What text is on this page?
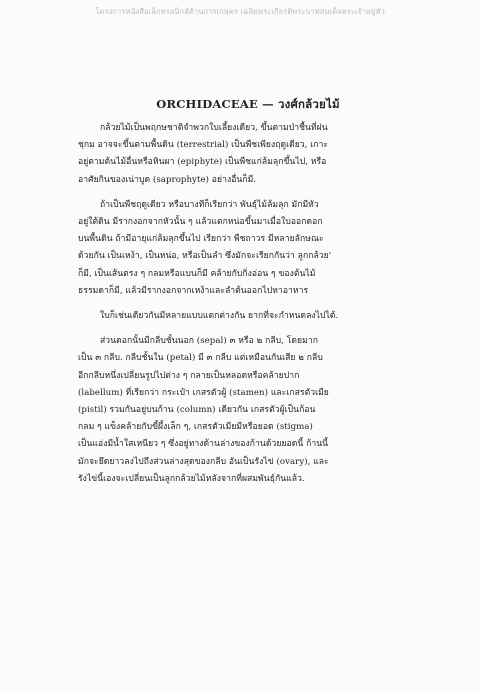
โครงการหนังสือเล็กทรอนิกส์ด้านการเกษตร เฉลิมพระเกียรติพระบาทสมเด็จพระเจ้าอยู่หัว
ORCHIDACEAE — วงศ์กล้วยไม้
กล้วยไม้เป็นพฤกษชาติจำพวกใบเลี้ยงเดียว, ขึ้นตามป่าชื้นที่ฝน
ชุกม อาจจะขึ้นตามพื้นดิน (terrestrial) เป็นพืชเพียงฤดูเดียว, เกาะ
อยู่ตามต้นไม้อื่นหรือหินผา (epiphyte) เป็นพืชแก่ล้มลุกขึ้นไป, หรือ
อาศัยกินของเน่าบูด (saprophyte) อย่างอื่นก็มี.
ถ้าเป็นพืชฤดูเดียว หรือบางทีก็เรียกว่า พันธุ์ไม้ล้มลุก มักมีหัว
อยู่ใต้ดิน มีรากงอกจากหัวนั้น ๆ แล้วแตกหน่อขึ้นมาเมื่อใบออกดอก
บนพื้นดิน ถ้ามีอายุแก่ล้มลุกขึ้นไป เรียกว่า พืชถาวร มีหลายลักษณะ
ด้วยกัน เป็นเหง้า, เป็นหน่อ, หรือเป็นลำ ซึ่งมักจะเรียกกันว่า ลูกกล้วย'
ก็มี, เป็นเส้นตรง ๆ กลมหรือแบนก็มี คล้ายกับกิ่งอ่อน ๆ ของต้นไม้
ธรรมดาก็มี, แล้วมีรากงอกจากเหง้าและลำต้นออกไปหาอาหาร
ใบก็เช่นเดียวกันมีหลายแบบแตกต่างกัน ยากที่จะกำหนดลงไปได้.
ส่วนดอกนั้นมีกลีบชั้นนอก (sepal) ๓ หรือ ๒ กลีบ, โดยมาก
เป็น ๓ กลีบ. กลีบชั้นใน (petal) มี ๓ กลีบ แต่เหมือนกันเสีย ๒ กลีบ
อีกกลีบหนึ่งเปลี่ยนรูปไปต่าง ๆ กลายเป็นหลอดหรือคล้ายปาก
(labellum) ที่เรียกว่า กระเป๋า เกสรตัวผู้ (stamen) และเกสรตัวเมีย
(pistil) รวมกันอยู่บนก้าน (column) เดียวกัน เกสรตัวผู้เป็นก้อน
กลม ๆ แข็งคล้ายกับขี้ผึ้งเล็ก ๆ, เกสรตัวเมียมีหรือยอด (stigma)
เป็นแอ่งมีน้ำใสเหนียว ๆ ซึ่งอยู่ทางด้านล่างของก้านด้วยยอดนี้ ก้านนี้
มักจะยึดยาวลงไปถึงส่วนล่างสุดของกลีบ อันเป็นรังไข่ (ovary), และ
รังไข่นี้เองจะเปลี่ยนเป็นลูกกล้วยไม้หลังจากที่ผสมพันธุ์กันแล้ว.
